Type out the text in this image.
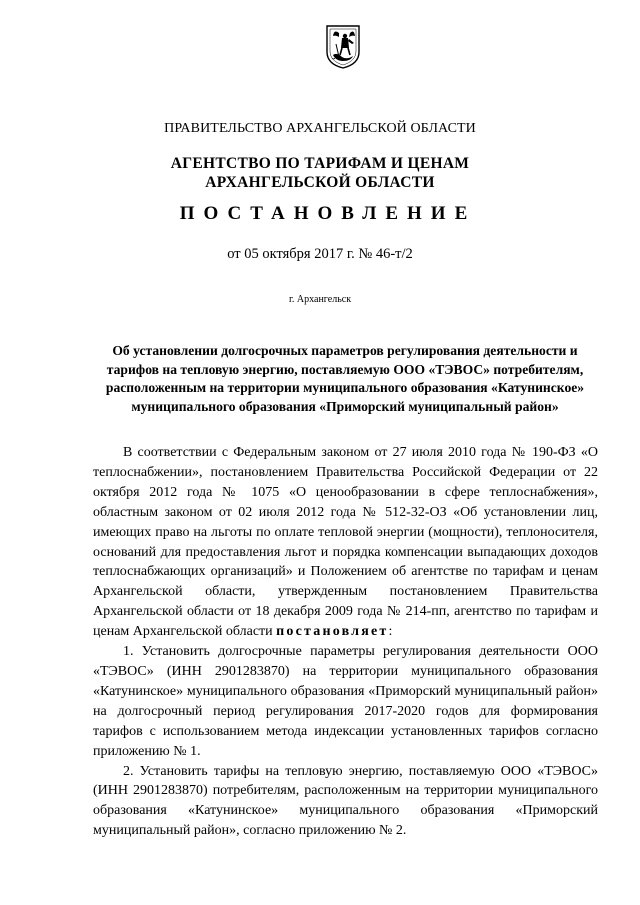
ПРАВИТЕЛЬСТВО АРХАНГЕЛЬСКОЙ ОБЛАСТИ
АГЕНТСТВО ПО ТАРИФАМ И ЦЕНАМ
АРХАНГЕЛЬСКОЙ ОБЛАСТИ
ПОСТАНОВЛЕНИЕ
от 05 октября 2017 г. № 46-т/2
г. Архангельск
Об установлении долгосрочных параметров регулирования деятельности и тарифов на тепловую энергию, поставляемую ООО «ТЭВОС» потребителям, расположенным на территории муниципального образования «Катунинское» муниципального образования «Приморский муниципальный район»

В соответствии с Федеральным законом от 27 июля 2010 года № 190-ФЗ «О теплоснабжении», постановлением Правительства Российской Федерации от 22 октября 2012 года № 1075 «О ценообразовании в сфере теплоснабжения», областным законом от 02 июля 2012 года № 512-32-ОЗ «Об установлении лиц, имеющих право на льготы по оплате тепловой энергии (мощности), теплоносителя, оснований для предоставления льгот и порядка компенсации выпадающих доходов теплоснабжающих организаций» и Положением об агентстве по тарифам и ценам Архангельской области, утвержденным постановлением Правительства Архангельской области от 18 декабря 2009 года № 214-пп, агентство по тарифам и ценам Архангельской области постановляет:

1. Установить долгосрочные параметры регулирования деятельности ООО «ТЭВОС» (ИНН 2901283870) на территории муниципального образования «Катунинское» муниципального образования «Приморский муниципальный район» на долгосрочный период регулирования 2017-2020 годов для формирования тарифов с использованием метода индексации установленных тарифов согласно приложению № 1.

2. Установить тарифы на тепловую энергию, поставляемую ООО «ТЭВОС» (ИНН 2901283870) потребителям, расположенным на территории муниципального образования «Катунинское» муниципального образования «Приморский муниципальный район», согласно приложению № 2.
